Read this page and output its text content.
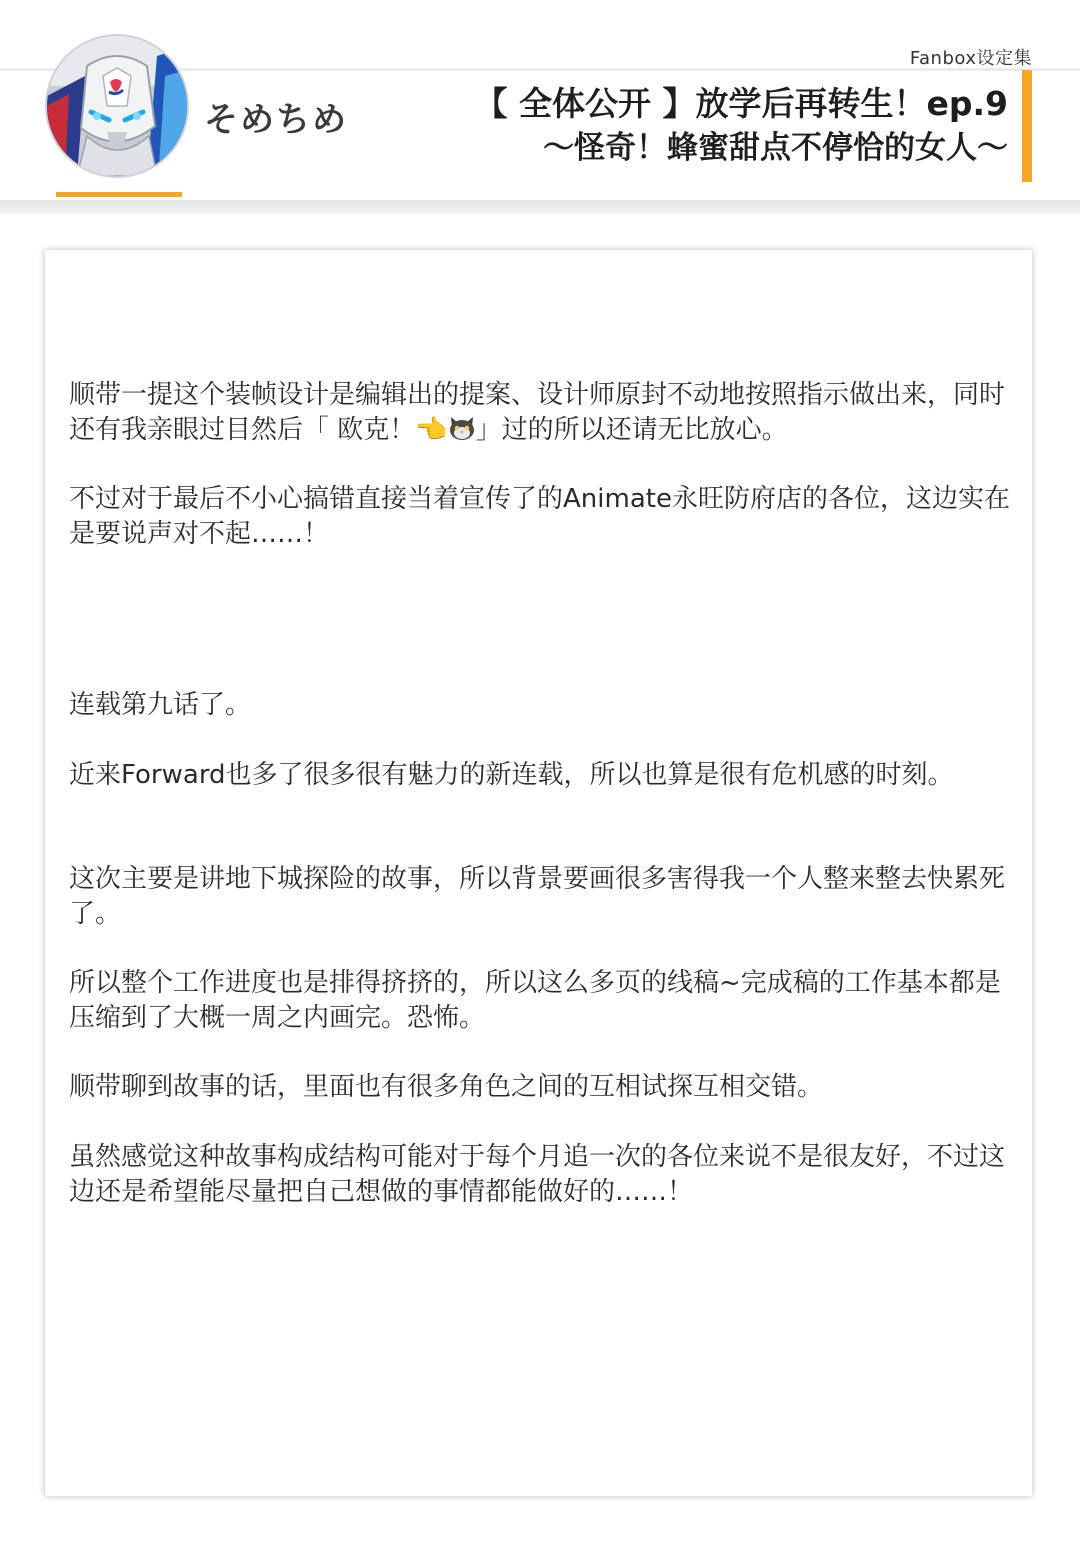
Fanbox设定集
そめちめ	【 全体公开 】放学后再转生！ep.9
～怪奇！蜂蜜甜点不停恰的女人～

顺带一提这个装帧设计是编辑出的提案、设计师原封不动地按照指示做出来，同时还有我亲眼过目然后「 欧克！👈 」过的所以还请无比放心。

不过对于最后不小心搞错直接当着宣传了的Animate永旺防府店的各位，这边实在是要说声对不起……！

连载第九话了。

近来Forward也多了很多很有魅力的新连载，所以也算是很有危机感的时刻。

这次主要是讲地下城探险的故事，所以背景要画很多害得我一个人整来整去快累死了。

所以整个工作进度也是排得挤挤的，所以这么多页的线稿~完成稿的工作基本都是压缩到了大概一周之内画完。恐怖。

顺带聊到故事的话，里面也有很多角色之间的互相试探互相交错。

虽然感觉这种故事构成结构可能对于每个月追一次的各位来说不是很友好，不过这边还是希望能尽量把自己想做的事情都能做好的……！
